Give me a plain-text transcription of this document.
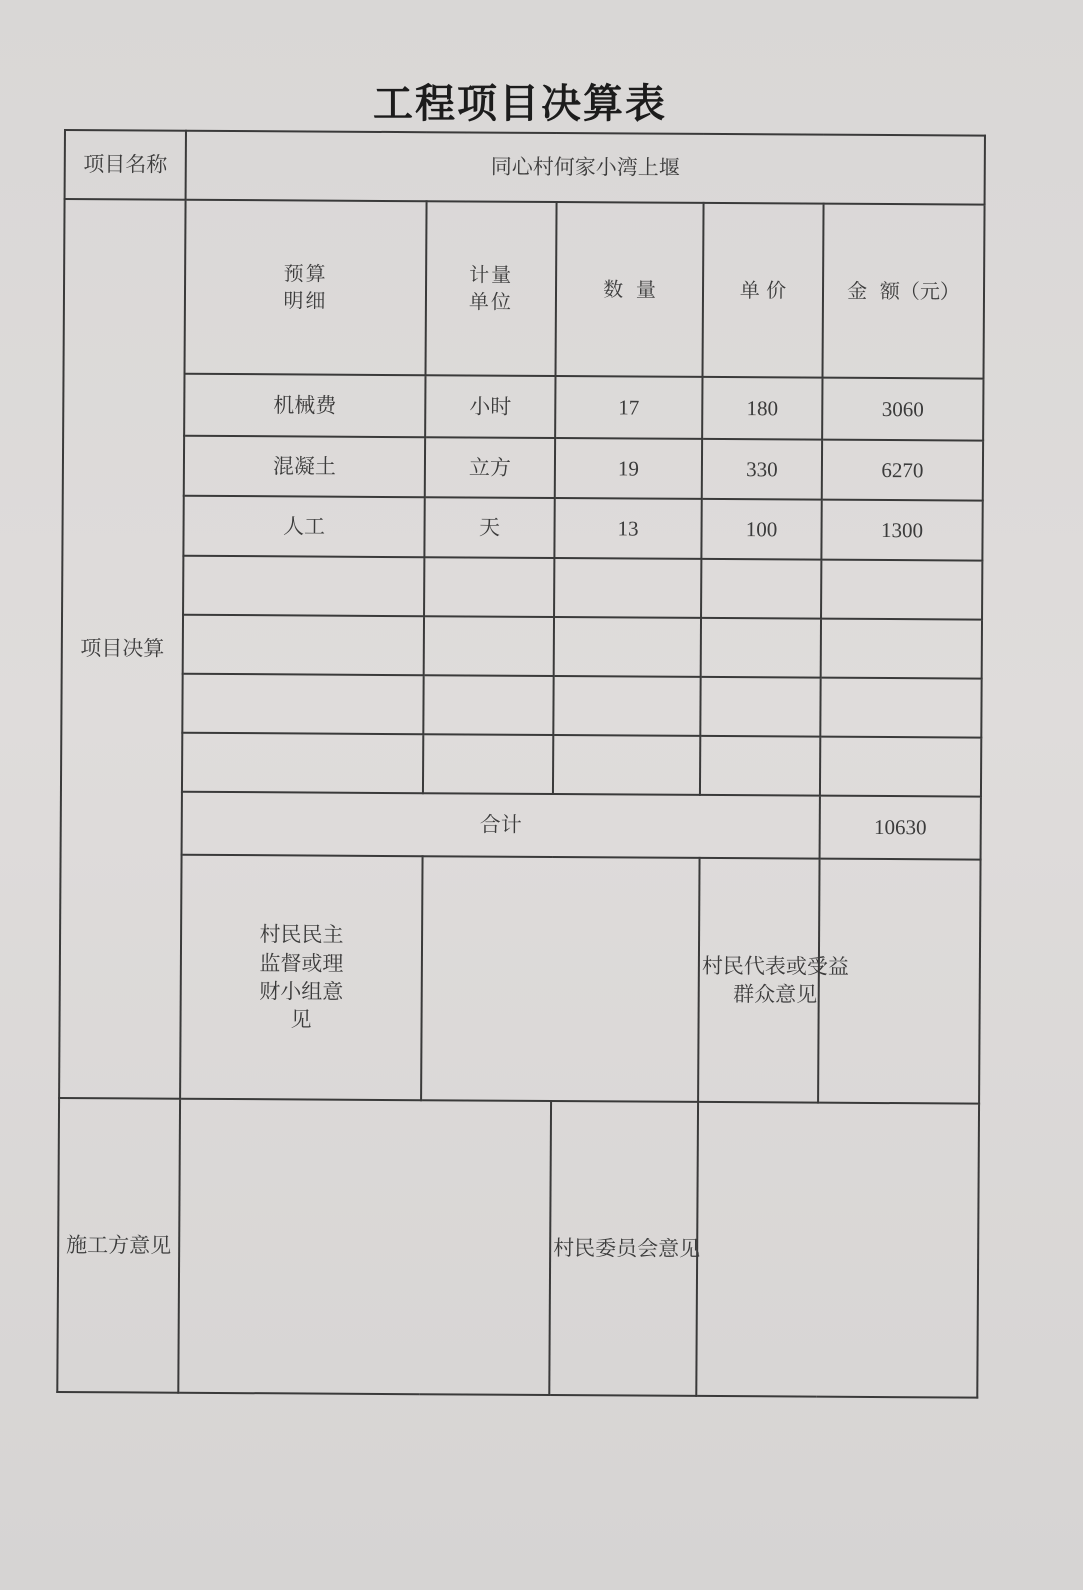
工程项目决算表
项目名称	同心村何家小湾上堰				
项目决算	预算明细	计量单位	数  量	单 价	金  额（元）
	机械费	小时	17	180	3060
	混凝土	立方	19	330	6270
	人工	天	13	100	1300

	合计				10630
	村民民主监督或理财小组意见			村民代表或受益群众意见	
施工方意见			村民委员会意见		
